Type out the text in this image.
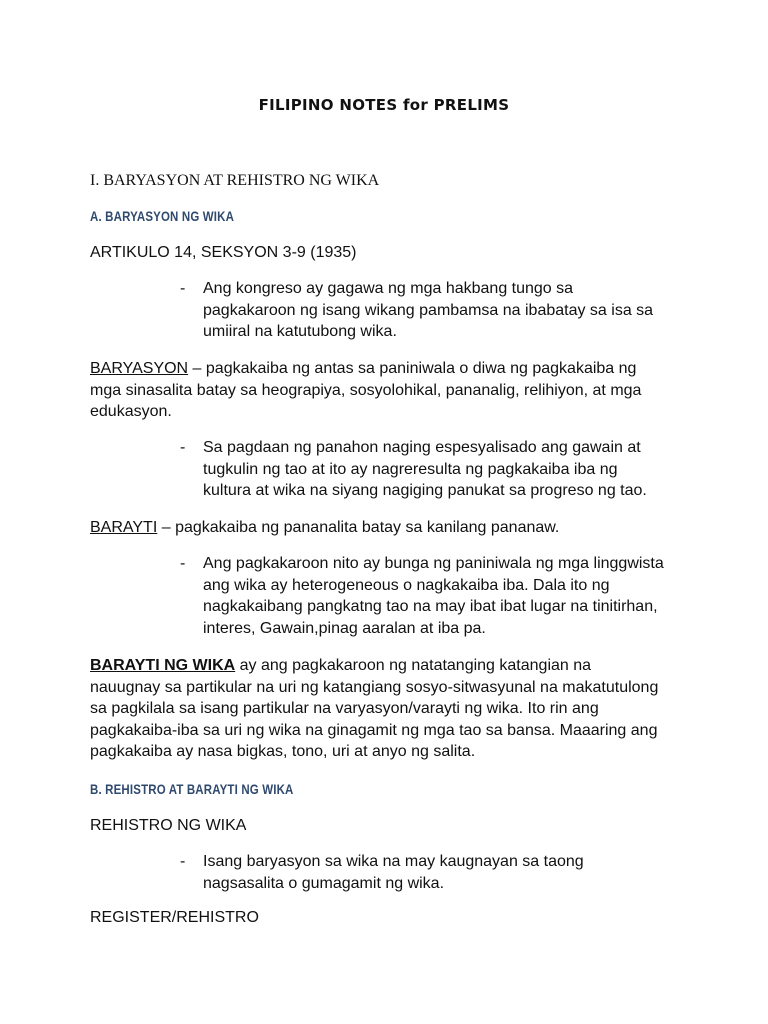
FILIPINO NOTES for PRELIMS
I. BARYASYON AT REHISTRO NG WIKA
A. BARYASYON NG WIKA
ARTIKULO 14, SEKSYON 3-9 (1935)
- Ang kongreso ay gagawa ng mga hakbang tungo sa
pagkakaroon ng isang wikang pambamsa na ibabatay sa isa sa
umiiral na katutubong wika.
BARYASYON – pagkakaiba ng antas sa paniniwala o diwa ng pagkakaiba ng
mga sinasalita batay sa heograpiya, sosyolohikal, pananalig, relihiyon, at mga
edukasyon.
- Sa pagdaan ng panahon naging espesyalisado ang gawain at
tugkulin ng tao at ito ay nagreresulta ng pagkakaiba iba ng
kultura at wika na siyang nagiging panukat sa progreso ng tao.
BARAYTI – pagkakaiba ng pananalita batay sa kanilang pananaw.
- Ang pagkakaroon nito ay bunga ng paniniwala ng mga linggwista
ang wika ay heterogeneous o nagkakaiba iba. Dala ito ng
nagkakaibang pangkatng tao na may ibat ibat lugar na tinitirhan,
interes, Gawain,pinag aaralan at iba pa.
BARAYTI NG WIKA ay ang pagkakaroon ng natatanging katangian na
nauugnay sa partikular na uri ng katangiang sosyo-sitwasyunal na makatutulong
sa pagkilala sa isang partikular na varyasyon/varayti ng wika. Ito rin ang
pagkakaiba-iba sa uri ng wika na ginagamit ng mga tao sa bansa. Maaaring ang
pagkakaiba ay nasa bigkas, tono, uri at anyo ng salita.
B. REHISTRO AT BARAYTI NG WIKA
REHISTRO NG WIKA
- Isang baryasyon sa wika na may kaugnayan sa taong
nagsasalita o gumagamit ng wika.
REGISTER/REHISTRO
